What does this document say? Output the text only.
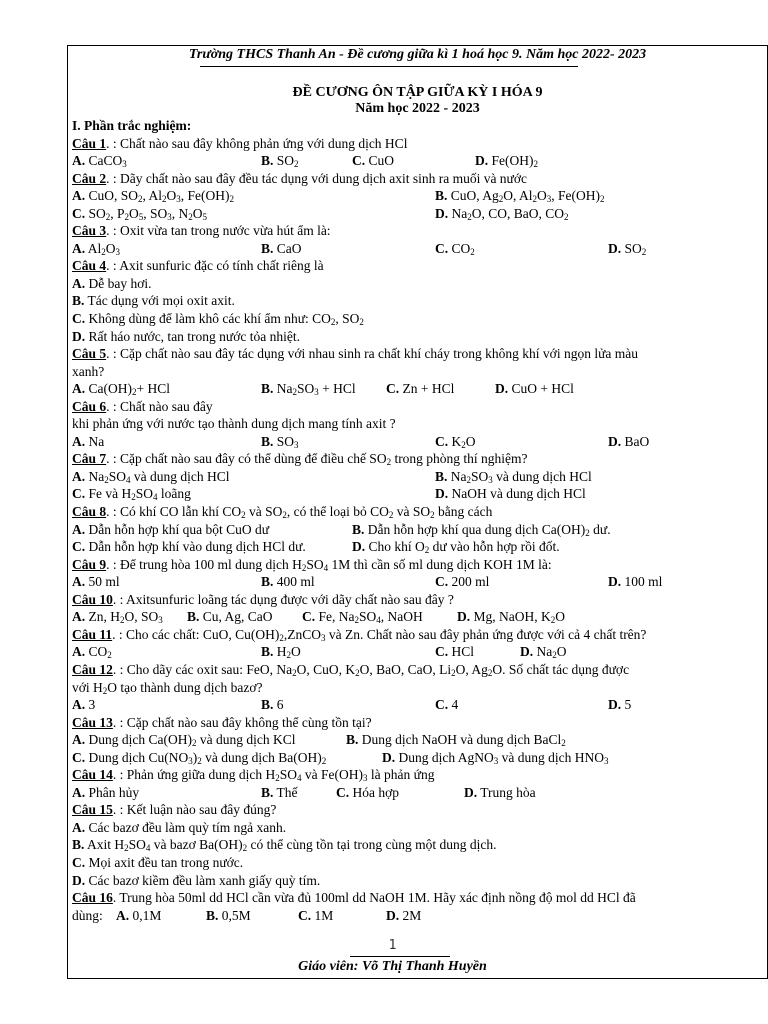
Trường THCS Thanh An - Đề cương giữa kì 1 hoá học 9. Năm học 2022- 2023
ĐỀ CƯƠNG ÔN TẬP GIỮA KỲ I HÓA 9
Năm học 2022 - 2023
I. Phần trắc nghiệm:
Câu 1. : Chất nào sau đây không phản ứng với dung dịch HCl
A. CaCO$_3$	B. $SO_2$	C. CuO	D. $Fe(OH)_2$
Câu 2. : Dãy chất nào sau đây đều tác dụng với dung dịch axit sinh ra muối và nước
A. CuO, $SO_2$, $Al_2O_3$, $Fe(OH)_2$	B. CuO, $Ag_2O$, $Al_2O_3$, $Fe(OH)_2$
C. $SO_2$, $P_2O_5$, $SO_3$, $N_2O_5$	D. $Na_2O$, CO, BaO, $CO_2$
Câu 3. : Oxit vừa tan trong nước vừa hút ẩm là:
A. $Al_2O_3$	B. CaO	C. $CO_2$	D. $SO_2$
Câu 4. : Axit sunfuric đặc có tính chất riêng là
A. Dễ bay hơi.
B. Tác dụng với mọi oxit axit.
C. Không dùng để làm khô các khí ẩm như: $CO_2$, $SO_2$
D. Rất háo nước, tan trong nước tỏa nhiệt.
Câu 5. : Cặp chất nào sau đây tác dụng với nhau sinh ra chất khí cháy trong không khí với ngọn lửa màu
xanh?
A. $Ca(OH)_2+$ HCl	B. $Na_2SO_3$ + HCl C. Zn + HCl	D. CuO + HCl
Câu 6. : Chất nào sau đây
khi phản ứng với nước tạo thành dung dịch mang tính axit ?
A. Na	B. $SO_3$	C. $K_2O$	D. BaO
Câu 7. : Cặp chất nào sau đây có thể dùng để điều chế $SO_2$ trong phòng thí nghiệm?
A. $Na_2SO_4$ và dung dịch HCl	B. $Na_2SO_3$ và dung dịch HCl
C. Fe và $H_2SO_4$ loãng	D. NaOH và dung dịch HCl
Câu 8. : Có khí CO lẫn khí $CO_2$ và $SO_2$, có thể loại bỏ $CO_2$ và $SO_2$ bằng cách
A. Dẫn hỗn hợp khí qua bột CuO dư	B. Dẫn hỗn hợp khí qua dung dịch $Ca(OH)_2$ dư.
C. Dẫn hỗn hợp khí vào dung dịch HCl dư.	D. Cho khí $O_2$ dư vào hỗn hợp rồi đốt.
Câu 9. : Để trung hòa 100 ml dung dịch $H_2SO_4$ 1M thì cần số ml dung dịch KOH 1M là:
A. 50 ml	B. 400 ml	C. 200 ml	D. 100 ml
Câu 10. : Axitsunfuric loãng tác dụng được với dãy chất nào sau đây ?
A. Zn, $H_2O$, $SO_3$ B. Cu, Ag, CaO C. Fe, $Na_2SO_4$, NaOH	D. Mg, NaOH, $K_2O$
Câu 11. : Cho các chất: CuO, $Cu(OH)_2,ZnCO_3$ và Zn. Chất nào sau đây phản ứng được với cả 4 chất trên?
A. $CO_2$	B. $H_2O$	C. HCl	D. $Na_2O$
Câu 12. : Cho dãy các oxit sau: FeO, $Na_2O$, CuO, $K_2O$, BaO, CaO, $Li_2O$, $Ag_2O$. Số chất tác dụng được
với $H_2O$ tạo thành dung dịch bazơ?
A. 3	B. 6	C. 4	D. 5
Câu 13. : Cặp chất nào sau đây không thể cùng tồn tại?
A. Dung dịch $Ca(OH)_2$ và dung dịch KCl	B. Dung dịch NaOH và dung dịch BaCl$_2$
C. Dung dịch $Cu(NO_3)_2$ và dung dịch $Ba(OH)_2$	D. Dung dịch AgNO$_3$ và dung dịch $HNO_3$
Câu 14. : Phản ứng giữa dung dịch $H_2SO_4$ và $Fe(OH)_3$ là phản ứng
A. Phân hủy	B. Thế	C. Hóa hợp	D. Trung hòa
Câu 15. : Kết luận nào sau đây đúng?
A. Các bazơ đều làm quỳ tím ngả xanh.
B. Axit $H_2SO_4$ và bazơ $Ba(OH)_2$ có thể cùng tồn tại trong cùng một dung dịch.
C. Mọi axit đều tan trong nước.
D. Các bazơ kiềm đều làm xanh giấy quỳ tím.
Câu 16. Trung hòa 50ml dd HCl cần vừa đủ 100ml dd NaOH 1M. Hãy xác định nồng độ mol dd HCl đã
dùng: A. 0,1M	B. 0,5M	C. 1M	D. 2M
1
Giáo viên: Võ Thị Thanh Huyền
